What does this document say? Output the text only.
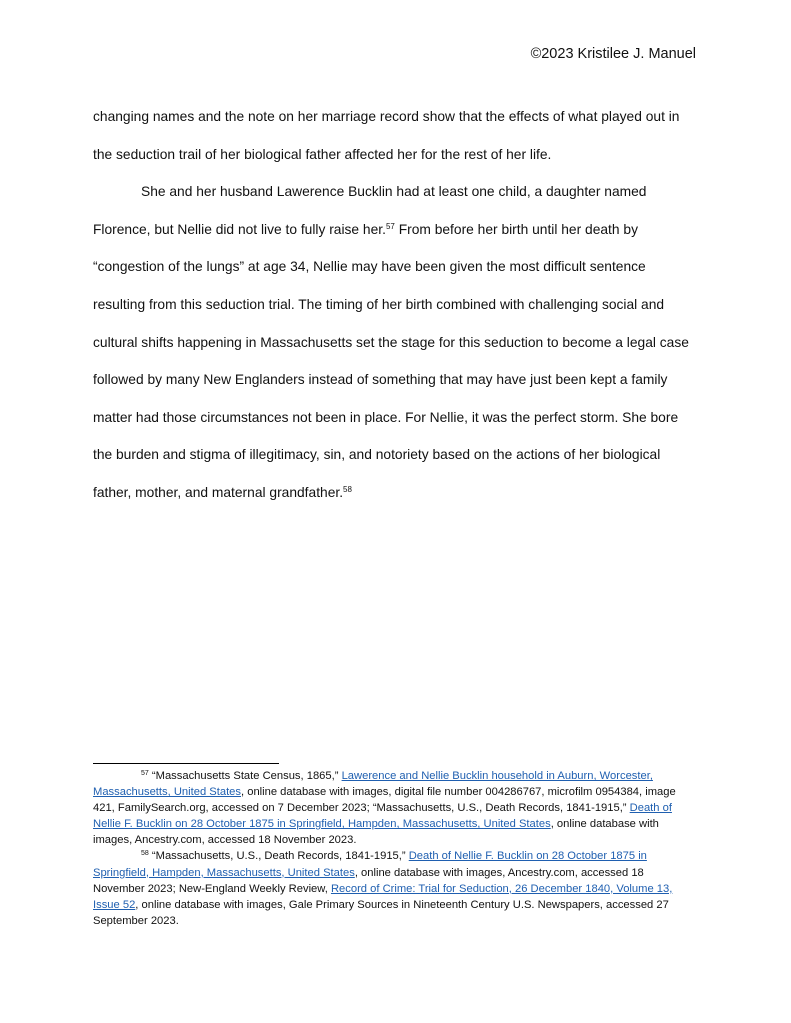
©2023 Kristilee J. Manuel

changing names and the note on her marriage record show that the effects of what played out in the seduction trail of her biological father affected her for the rest of her life.

She and her husband Lawerence Bucklin had at least one child, a daughter named Florence, but Nellie did not live to fully raise her.$^{57}$ From before her birth until her death by “congestion of the lungs” at age 34, Nellie may have been given the most difficult sentence resulting from this seduction trial. The timing of her birth combined with challenging social and cultural shifts happening in Massachusetts set the stage for this seduction to become a legal case followed by many New Englanders instead of something that may have just been kept a family matter had those circumstances not been in place. For Nellie, it was the perfect storm. She bore the burden and stigma of illegitimacy, sin, and notoriety based on the actions of her biological father, mother, and maternal grandfather.$^{58}$

$^{57}$ “Massachusetts State Census, 1865,” Lawerence and Nellie Bucklin household in Auburn, Worcester, Massachusetts, United States, online database with images, digital file number 004286767, microfilm 0954384, image 421, FamilySearch.org, accessed on 7 December 2023; “Massachusetts, U.S., Death Records, 1841-1915,” Death of Nellie F. Bucklin on 28 October 1875 in Springfield, Hampden, Massachusetts, United States, online database with images, Ancestry.com, accessed 18 November 2023.

$^{58}$ “Massachusetts, U.S., Death Records, 1841-1915,” Death of Nellie F. Bucklin on 28 October 1875 in Springfield, Hampden, Massachusetts, United States, online database with images, Ancestry.com, accessed 18 November 2023; New-England Weekly Review, Record of Crime: Trial for Seduction, 26 December 1840, Volume 13, Issue 52, online database with images, Gale Primary Sources in Nineteenth Century U.S. Newspapers, accessed 27 September 2023.
